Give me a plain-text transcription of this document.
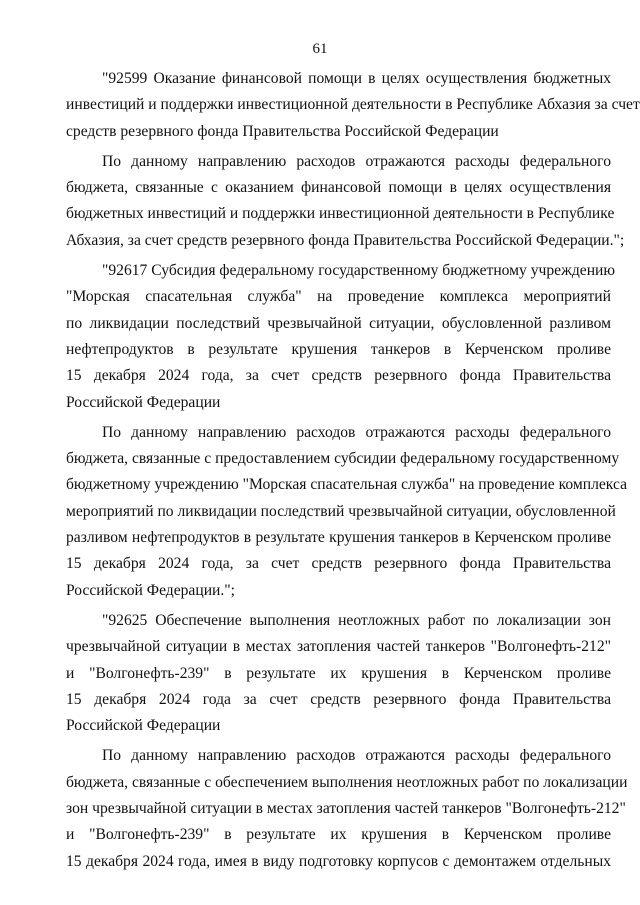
61
"92599 Оказание финансовой помощи в целях осуществления бюджетных
инвестиций и поддержки инвестиционной деятельности в Республике Абхазия за счет
средств резервного фонда Правительства Российской Федерации
По данному направлению расходов отражаются расходы федерального
бюджета, связанные с оказанием финансовой помощи в целях осуществления
бюджетных инвестиций и поддержки инвестиционной деятельности в Республике
Абхазия, за счет средств резервного фонда Правительства Российской Федерации.";
"92617 Субсидия федеральному государственному бюджетному учреждению
"Морская спасательная служба" на проведение комплекса мероприятий
по ликвидации последствий чрезвычайной ситуации, обусловленной разливом
нефтепродуктов в результате крушения танкеров в Керченском проливе
15 декабря 2024 года, за счет средств резервного фонда Правительства
Российской Федерации
По данному направлению расходов отражаются расходы федерального
бюджета, связанные с предоставлением субсидии федеральному государственному
бюджетному учреждению "Морская спасательная служба" на проведение комплекса
мероприятий по ликвидации последствий чрезвычайной ситуации, обусловленной
разливом нефтепродуктов в результате крушения танкеров в Керченском проливе
15 декабря 2024 года, за счет средств резервного фонда Правительства
Российской Федерации.";
"92625 Обеспечение выполнения неотложных работ по локализации зон
чрезвычайной ситуации в местах затопления частей танкеров "Волгонефть-212"
и "Волгонефть-239" в результате их крушения в Керченском проливе
15 декабря 2024 года за счет средств резервного фонда Правительства
Российской Федерации
По данному направлению расходов отражаются расходы федерального
бюджета, связанные с обеспечением выполнения неотложных работ по локализации
зон чрезвычайной ситуации в местах затопления частей танкеров "Волгонефть-212"
и "Волгонефть-239" в результате их крушения в Керченском проливе
15 декабря 2024 года, имея в виду подготовку корпусов с демонтажем отдельных
